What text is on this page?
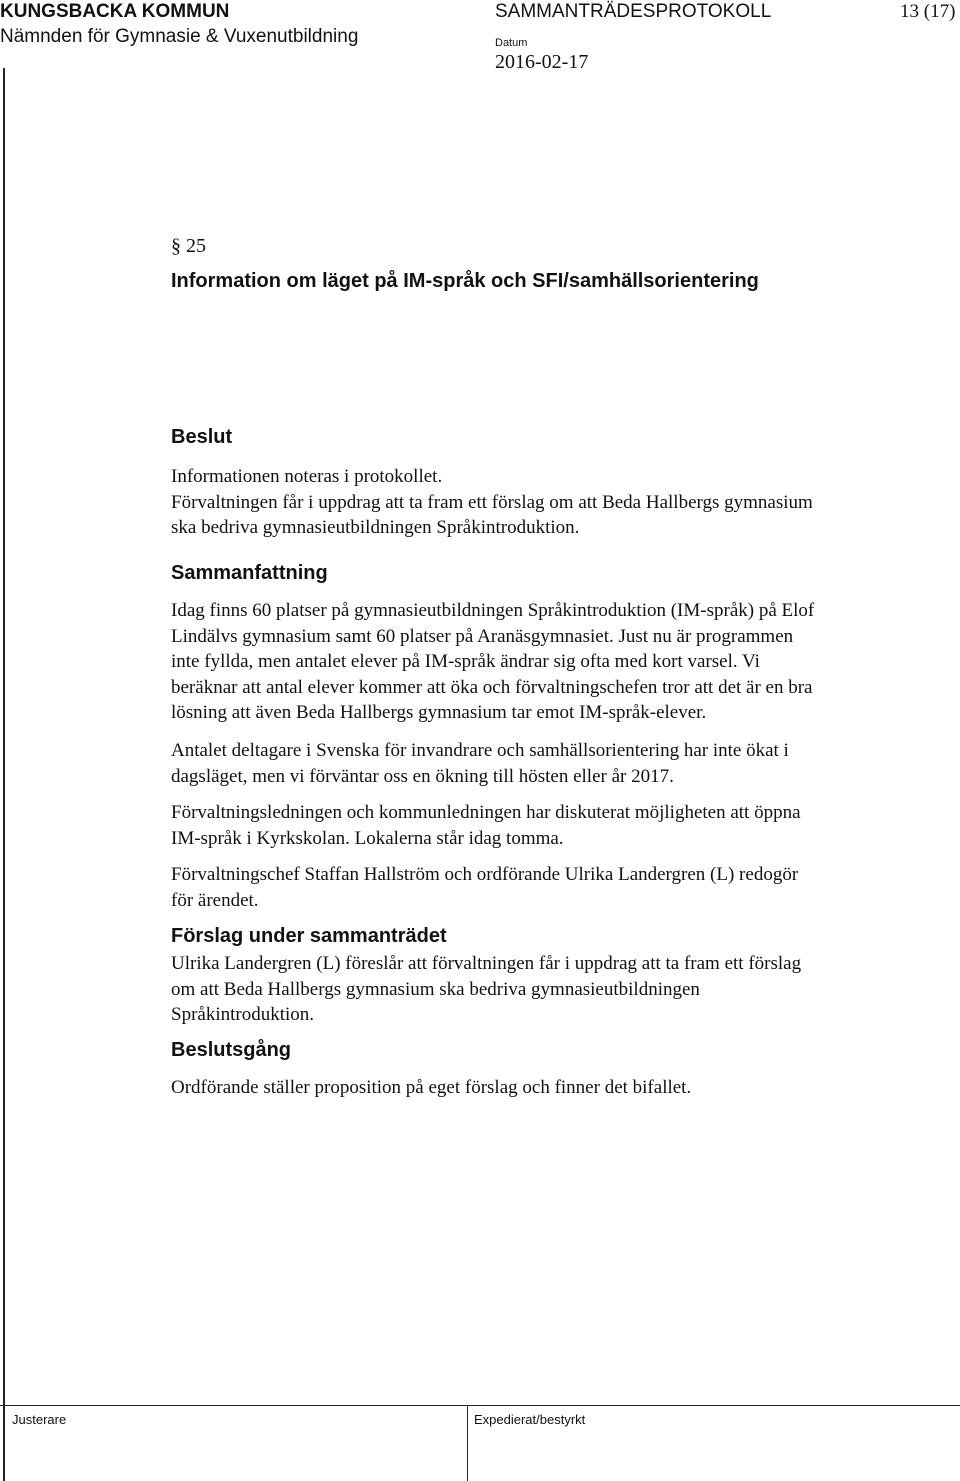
KUNGSBACKA KOMMUN
Nämnden för Gymnasie & Vuxenutbildning
SAMMANTRÄDESPROTOKOLL	13 (17)
Datum
2016-02-17
§ 25
Information om läget på IM-språk och SFI/samhällsorientering
Beslut
Informationen noteras i protokollet.
Förvaltningen får i uppdrag att ta fram ett förslag om att Beda Hallbergs gymnasium
ska bedriva gymnasieutbildningen Språkintroduktion.
Sammanfattning
Idag finns 60 platser på gymnasieutbildningen Språkintroduktion (IM-språk) på Elof
Lindälvs gymnasium samt 60 platser på Aranäsgymnasiet. Just nu är programmen
inte fyllda, men antalet elever på IM-språk ändrar sig ofta med kort varsel. Vi
beräknar att antal elever kommer att öka och förvaltningschefen tror att det är en bra
lösning att även Beda Hallbergs gymnasium tar emot IM-språk-elever.
Antalet deltagare i Svenska för invandrare och samhällsorientering har inte ökat i
dagsläget, men vi förväntar oss en ökning till hösten eller år 2017.
Förvaltningsledningen och kommunledningen har diskuterat möjligheten att öppna
IM-språk i Kyrkskolan. Lokalerna står idag tomma.
Förvaltningschef Staffan Hallström och ordförande Ulrika Landergren (L) redogör
för ärendet.
Förslag under sammanträdet
Ulrika Landergren (L) föreslår att förvaltningen får i uppdrag att ta fram ett förslag
om att Beda Hallbergs gymnasium ska bedriva gymnasieutbildningen
Språkintroduktion.
Beslutsgång
Ordförande ställer proposition på eget förslag och finner det bifallet.
Justerare	Expedierat/bestyrkt
